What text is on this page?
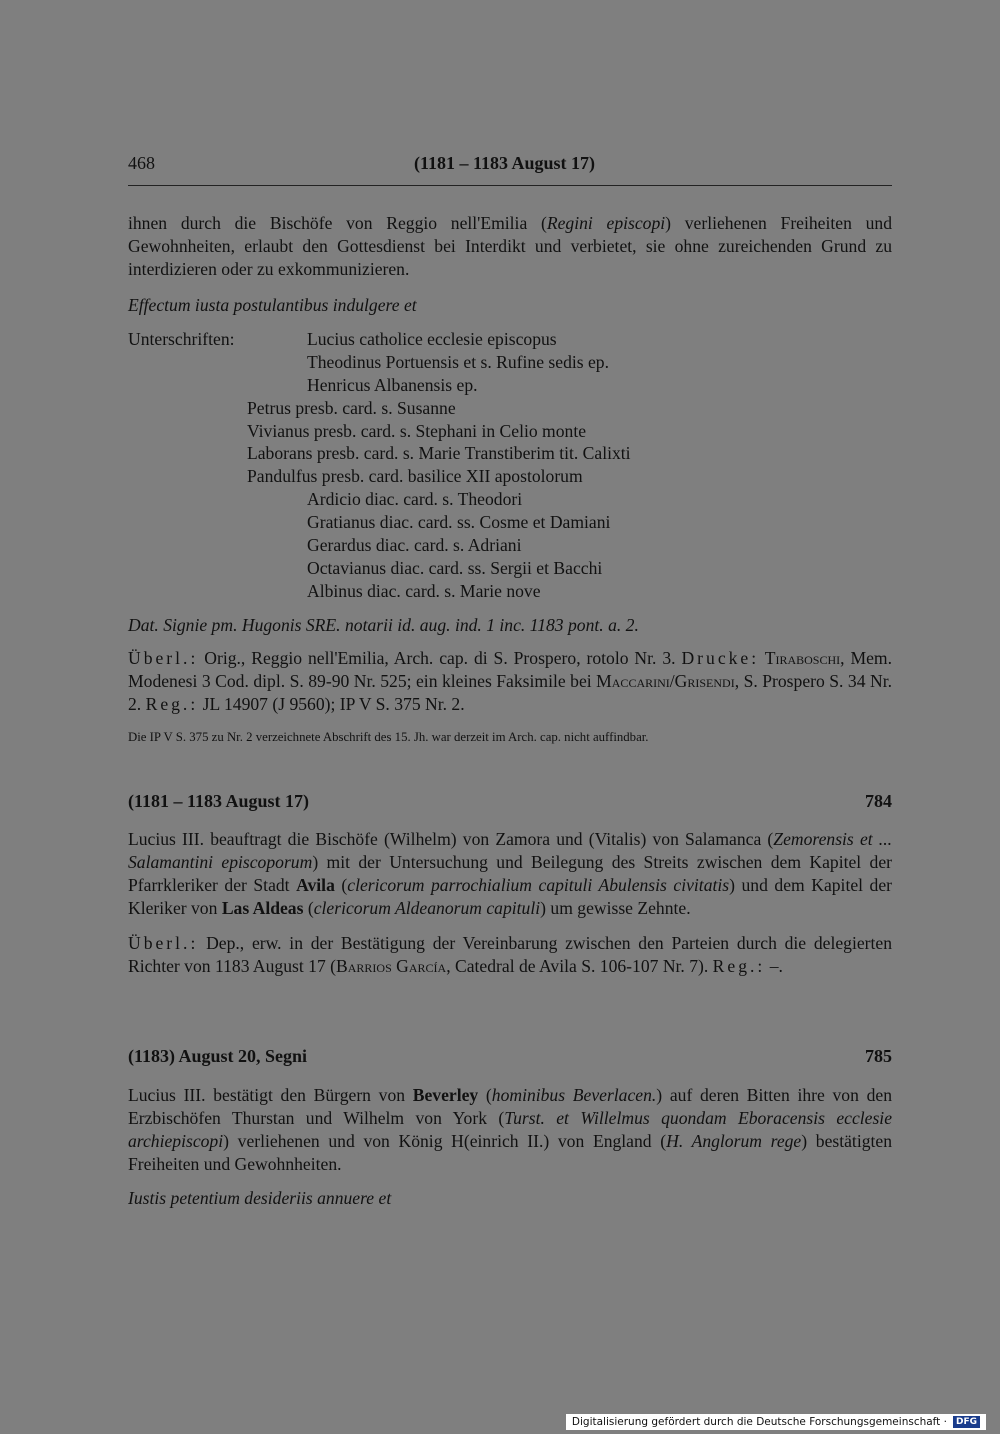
468	(1181 – 1183 August 17)

ihnen durch die Bischöfe von Reggio nell'Emilia (Regini episcopi) verliehenen Freiheiten und Gewohnheiten, erlaubt den Gottesdienst bei Interdikt und verbietet, sie ohne zureichenden Grund zu interdizieren oder zu exkommunizieren.

Effectum iusta postulantibus indulgere et
Unterschriften:	Lucius catholice ecclesie episcopus
Theodinus Portuensis et s. Rufine sedis ep.
Henricus Albanensis ep.
Petrus presb. card. s. Susanne
Vivianus presb. card. s. Stephani in Celio monte
Laborans presb. card. s. Marie Transtiberim tit. Calixti
Pandulfus presb. card. basilice XII apostolorum
Ardicio diac. card. s. Theodori
Gratianus diac. card. ss. Cosme et Damiani
Gerardus diac. card. s. Adriani
Octavianus diac. card. ss. Sergii et Bacchi
Albinus diac. card. s. Marie nove
Dat. Signie pm. Hugonis SRE. notarii id. aug. ind. 1 inc. 1183 pont. a. 2.

Überl.: Orig., Reggio nell'Emilia, Arch. cap. di S. Prospero, rotolo Nr. 3. Drucke: Tiraboschi, Mem. Modenesi 3 Cod. dipl. S. 89-90 Nr. 525; ein kleines Faksimile bei Maccarini/Grisendi, S. Prospero S. 34 Nr. 2. Reg.: JL 14907 (J 9560); IP V S. 375 Nr. 2.

Die IP V S. 375 zu Nr. 2 verzeichnete Abschrift des 15. Jh. war derzeit im Arch. cap. nicht auffindbar.
(1181 – 1183 August 17)	784

Lucius III. beauftragt die Bischöfe (Wilhelm) von Zamora und (Vitalis) von Salamanca (Zemorensis et ... Salamantini episcoporum) mit der Untersuchung und Beilegung des Streits zwischen dem Kapitel der Pfarrkleriker der Stadt Avila (clericorum parrochialium capituli Abulensis civitatis) und dem Kapitel der Kleriker von Las Aldeas (clericorum Aldeanorum capituli) um gewisse Zehnte.

Überl.: Dep., erw. in der Bestätigung der Vereinbarung zwischen den Parteien durch die delegierten Richter von 1183 August 17 (Barrios García, Catedral de Avila S. 106-107 Nr. 7). Reg.: –.

(1183) August 20, Segni	785

Lucius III. bestätigt den Bürgern von Beverley (hominibus Beverlacen.) auf deren Bitten ihre von den Erzbischöfen Thurstan und Wilhelm von York (Turst. et Willelmus quondam Eboracensis ecclesie archiepiscopi) verliehenen und von König H(einrich II.) von England (H. Anglorum rege) bestätigten Freiheiten und Gewohnheiten.

Iustis petentium desideriis annuere et
Digitalisierung gefördert durch die Deutsche Forschungsgemeinschaft ·	DFG
